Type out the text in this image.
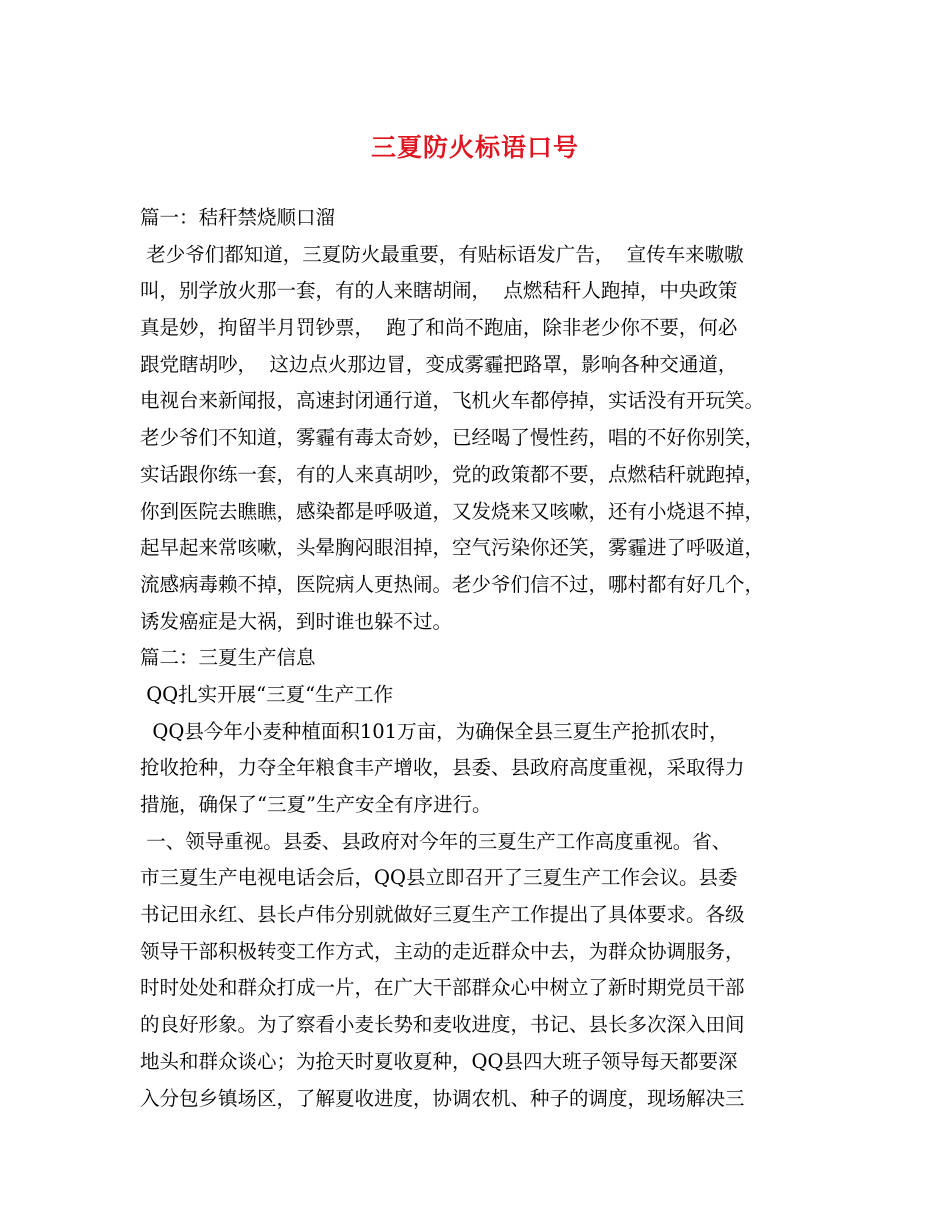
三夏防火标语口号
篇一：秸秆禁烧顺口溜
老少爷们都知道，三夏防火最重要，有贴标语发广告，  宣传车来嗷嗷
叫，别学放火那一套，有的人来瞎胡闹，  点燃秸秆人跑掉，中央政策
真是妙，拘留半月罚钞票，  跑了和尚不跑庙，除非老少你不要，何必
跟党瞎胡吵，  这边点火那边冒，变成雾霾把路罩，影响各种交通道，
电视台来新闻报，高速封闭通行道，飞机火车都停掉，实话没有开玩笑。
老少爷们不知道，雾霾有毒太奇妙，已经喝了慢性药，唱的不好你别笑，
实话跟你练一套，有的人来真胡吵，党的政策都不要，点燃秸秆就跑掉，
你到医院去瞧瞧，感染都是呼吸道，又发烧来又咳嗽，还有小烧退不掉，
起早起来常咳嗽，头晕胸闷眼泪掉，空气污染你还笑，雾霾进了呼吸道，
流感病毒赖不掉，医院病人更热闹。老少爷们信不过，哪村都有好几个，
诱发癌症是大祸，到时谁也躲不过。
篇二：三夏生产信息
QQ扎实开展“三夏“生产工作
QQ县今年小麦种植面积101万亩，为确保全县三夏生产抢抓农时，
抢收抢种，力夺全年粮食丰产增收，县委、县政府高度重视，采取得力
措施，确保了“三夏”生产安全有序进行。
一、领导重视。县委、县政府对今年的三夏生产工作高度重视。省、
市三夏生产电视电话会后，QQ县立即召开了三夏生产工作会议。县委
书记田永红、县长卢伟分别就做好三夏生产工作提出了具体要求。各级
领导干部积极转变工作方式，主动的走近群众中去，为群众协调服务，
时时处处和群众打成一片，在广大干部群众心中树立了新时期党员干部
的良好形象。为了察看小麦长势和麦收进度，书记、县长多次深入田间
地头和群众谈心；为抢天时夏收夏种，QQ县四大班子领导每天都要深
入分包乡镇场区，了解夏收进度，协调农机、种子的调度，现场解决三
